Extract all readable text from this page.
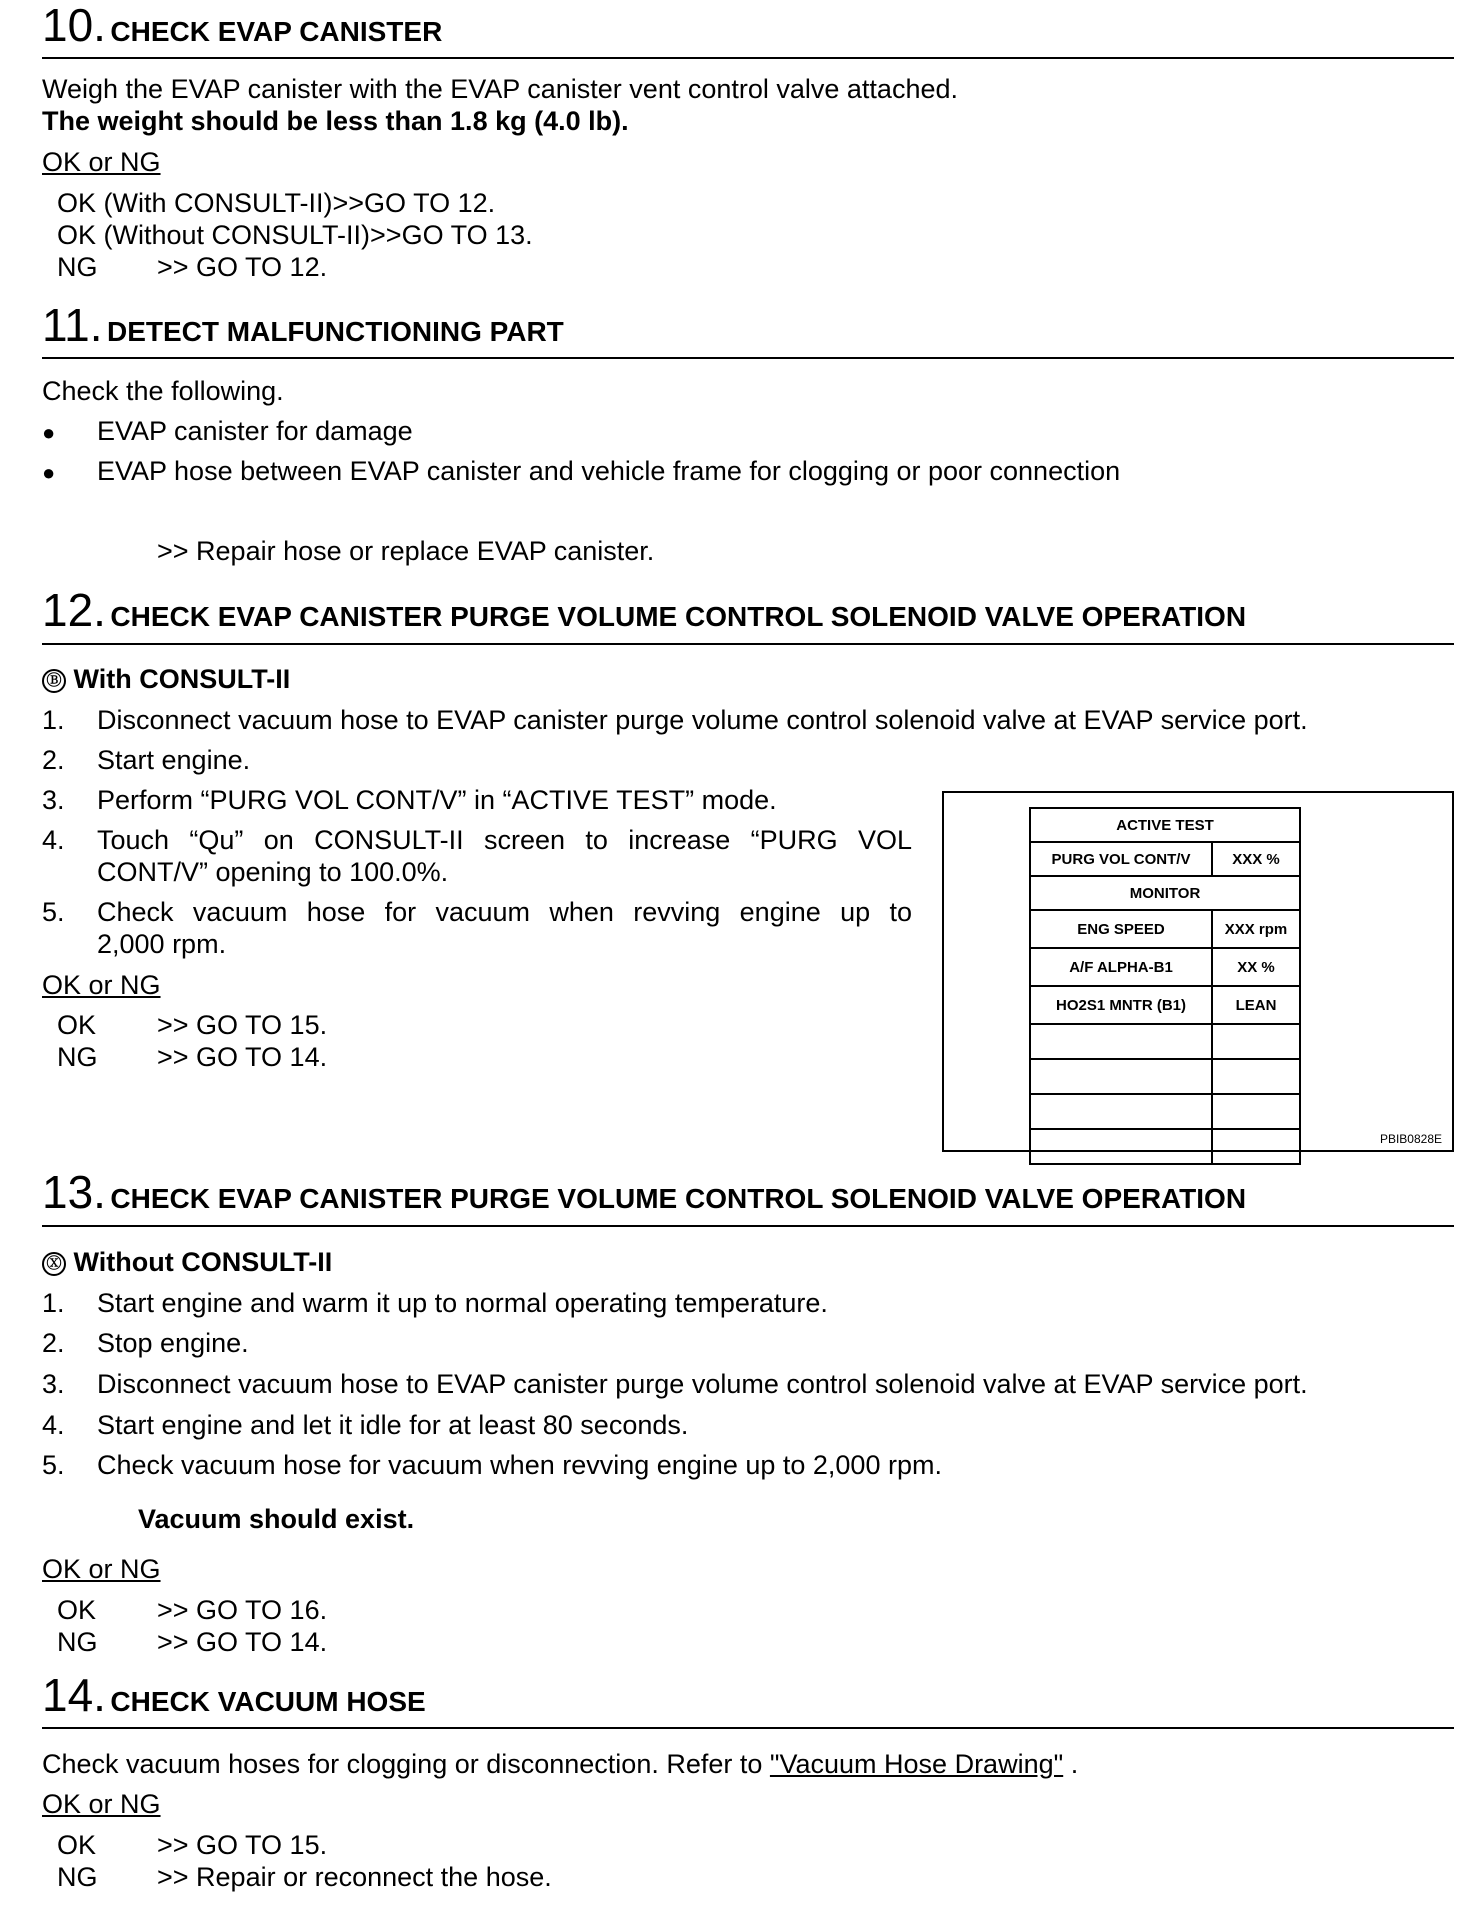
10. CHECK EVAP CANISTER
Weigh the EVAP canister with the EVAP canister vent control valve attached.
The weight should be less than 1.8 kg (4.0 lb).
OK or NG
OK (With CONSULT-II)>>GO TO 12.
OK (Without CONSULT-II)>>GO TO 13.
NG >> GO TO 12.
11. DETECT MALFUNCTIONING PART
Check the following.
● EVAP canister for damage
● EVAP hose between EVAP canister and vehicle frame for clogging or poor connection
>> Repair hose or replace EVAP canister.
12. CHECK EVAP CANISTER PURGE VOLUME CONTROL SOLENOID VALVE OPERATION
Ⓑ With CONSULT-II
1. Disconnect vacuum hose to EVAP canister purge volume control solenoid valve at EVAP service port.
2. Start engine.
3. Perform “PURG VOL CONT/V” in “ACTIVE TEST” mode.
4. Touch “Qu” on CONSULT-II screen to increase “PURG VOL
CONT/V” opening to 100.0%.
5. Check vacuum hose for vacuum when revving engine up to
2,000 rpm.
OK or NG
OK >> GO TO 15.
NG >> GO TO 14.
ACTIVE TEST	
PURG VOL CONT/V	XXX %
MONITOR	
ENG SPEED	XXX rpm
A/F ALPHA-B1	XX %
HO2S1 MNTR (B1)	LEAN

PBIB0828E
13. CHECK EVAP CANISTER PURGE VOLUME CONTROL SOLENOID VALVE OPERATION
Ⓧ Without CONSULT-II
1. Start engine and warm it up to normal operating temperature.
2. Stop engine.
3. Disconnect vacuum hose to EVAP canister purge volume control solenoid valve at EVAP service port.
4. Start engine and let it idle for at least 80 seconds.
5. Check vacuum hose for vacuum when revving engine up to 2,000 rpm.
Vacuum should exist.
OK or NG
OK >> GO TO 16.
NG >> GO TO 14.
14. CHECK VACUUM HOSE
Check vacuum hoses for clogging or disconnection. Refer to "Vacuum Hose Drawing" .
OK or NG
OK >> GO TO 15.
NG >> Repair or reconnect the hose.
